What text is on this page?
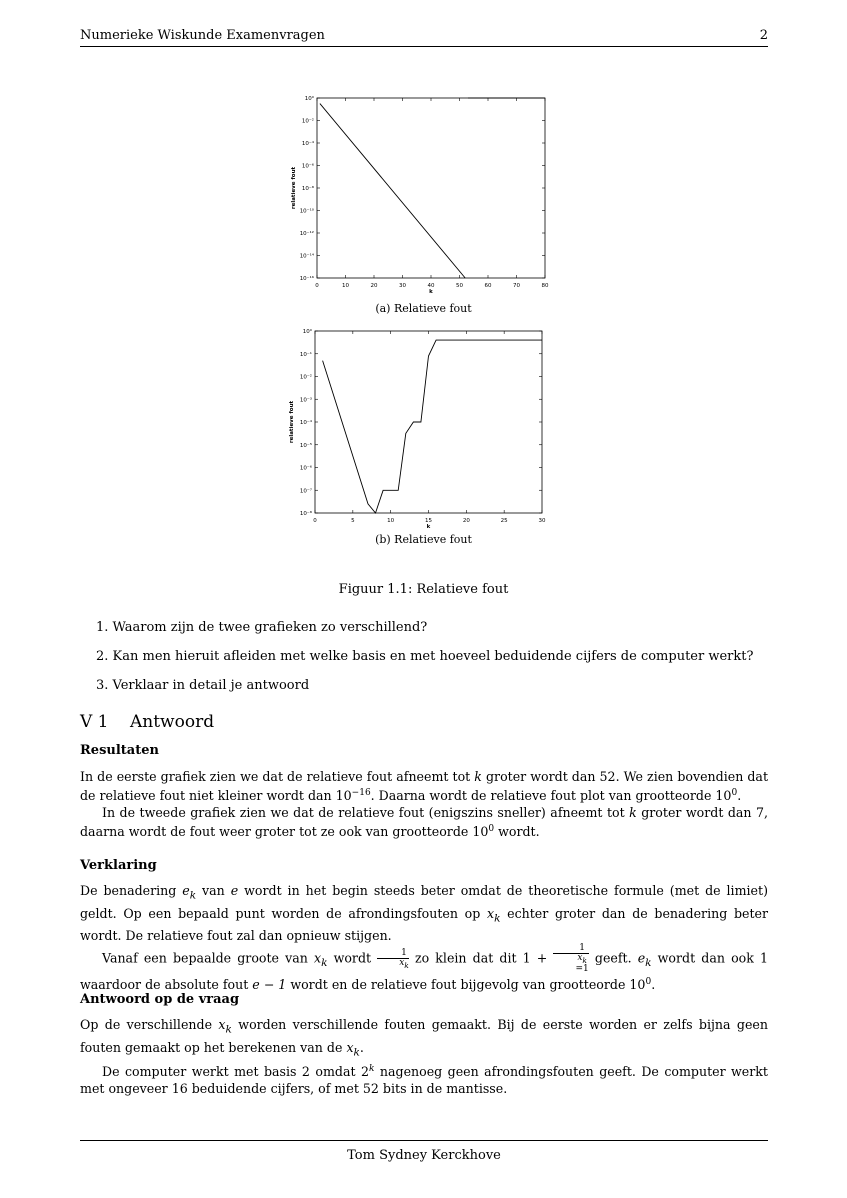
Numerieke Wiskunde Examenvragen	2
0	10	20	30	40	50	60	70	80
10⁰
10⁻²
10⁻⁴
10⁻⁶
10⁻⁸
10⁻¹⁰
10⁻¹²
10⁻¹⁴
10⁻¹⁶
k
relatieve fout
(a) Relatieve fout
0	5	10	15	20	25	30
10⁰
10⁻¹
10⁻²
10⁻³
10⁻⁴
10⁻⁵
10⁻⁶
10⁻⁷
10⁻⁸
k
relatieve fout
(b) Relatieve fout
Figuur 1.1: Relatieve fout
1. Waarom zijn de twee grafieken zo verschillend?
2. Kan men hieruit afleiden met welke basis en met hoeveel beduidende cijfers de computer werkt?
3. Verklaar in detail je antwoord
V 1 Antwoord
Resultaten
In de eerste grafiek zien we dat de relatieve fout afneemt tot k groter wordt dan 52. We zien bovendien dat de relatieve fout niet kleiner wordt dan $10^{-16}$. Daarna wordt de relatieve fout plot van grootteorde $10^0$.
In de tweede grafiek zien we dat de relatieve fout (enigszins sneller) afneemt tot k groter wordt dan 7, daarna wordt de fout weer groter tot ze ook van grootteorde $10^0$ wordt.
Verklaring
De benadering $e_k$ van e wordt in het begin steeds beter omdat de theoretische formule (met de limiet) geldt. Op een bepaald punt worden de afrondingsfouten op $x_k$ echter groter dan de benadering beter wordt. De relatieve fout zal dan opnieuw stijgen.
Vanaf een bepaalde groote van $x_k$ wordt $\frac{1}{x_k}$ zo klein dat dit 1 + 1
$x_k$
=1 geeft. $e_k$ wordt dan ook 1 waardoor de absolute fout e − 1 wordt en de relatieve fout bijgevolg van grootteorde $10^0$.
Antwoord op de vraag
Op de verschillende $x_k$ worden verschillende fouten gemaakt. Bij de eerste worden er zelfs bijna geen fouten gemaakt op het berekenen van de $x_k$.
De computer werkt met basis 2 omdat 2$^k$ nagenoeg geen afrondingsfouten geeft. De computer werkt met ongeveer 16 beduidende cijfers, of met 52 bits in de mantisse.
Tom Sydney Kerckhove
